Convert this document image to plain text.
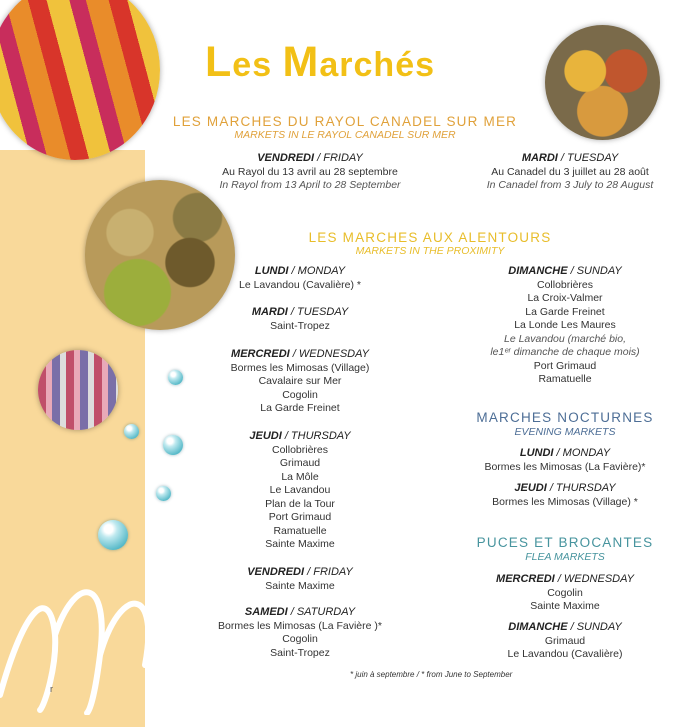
Les Marchés
LES MARCHES DU RAYOL CANADEL SUR MER
MARKETS IN LE RAYOL CANADEL SUR MER
VENDREDI / FRIDAY
Au Rayol du 13 avril au 28 septembre
In Rayol from 13 April to 28 September
MARDI / TUESDAY
Au Canadel du 3 juillet au 28 août
In Canadel from 3 July to 28 August
LES MARCHES AUX ALENTOURS
MARKETS IN THE PROXIMITY
LUNDI / MONDAY
Le Lavandou (Cavalière) *
MARDI / TUESDAY
Saint-Tropez
MERCREDI / WEDNESDAY
Bormes les Mimosas (Village)
Cavalaire sur Mer
Cogolin
La Garde Freinet
JEUDI / THURSDAY
Collobrières
Grimaud
La Môle
Le Lavandou
Plan de la Tour
Port Grimaud
Ramatuelle
Sainte Maxime
VENDREDI / FRIDAY
Sainte Maxime
SAMEDI / SATURDAY
Bormes les Mimosas (La Favière )*
Cogolin
Saint-Tropez
DIMANCHE / SUNDAY
Collobrières
La Croix-Valmer
La Garde Freinet
La Londe Les Maures
Le Lavandou (marché bio,
le1ᵉʳ dimanche de chaque mois)
Port Grimaud
Ramatuelle
MARCHES NOCTURNES
EVENING MARKETS
LUNDI / MONDAY
Bormes les Mimosas (La Favière)*
JEUDI / THURSDAY
Bormes les Mimosas (Village) *
PUCES ET BROCANTES
FLEA MARKETS
MERCREDI / WEDNESDAY
Cogolin
Sainte Maxime
DIMANCHE / SUNDAY
Grimaud
Le Lavandou (Cavalière)
* juin à septembre / * from June to September
r
